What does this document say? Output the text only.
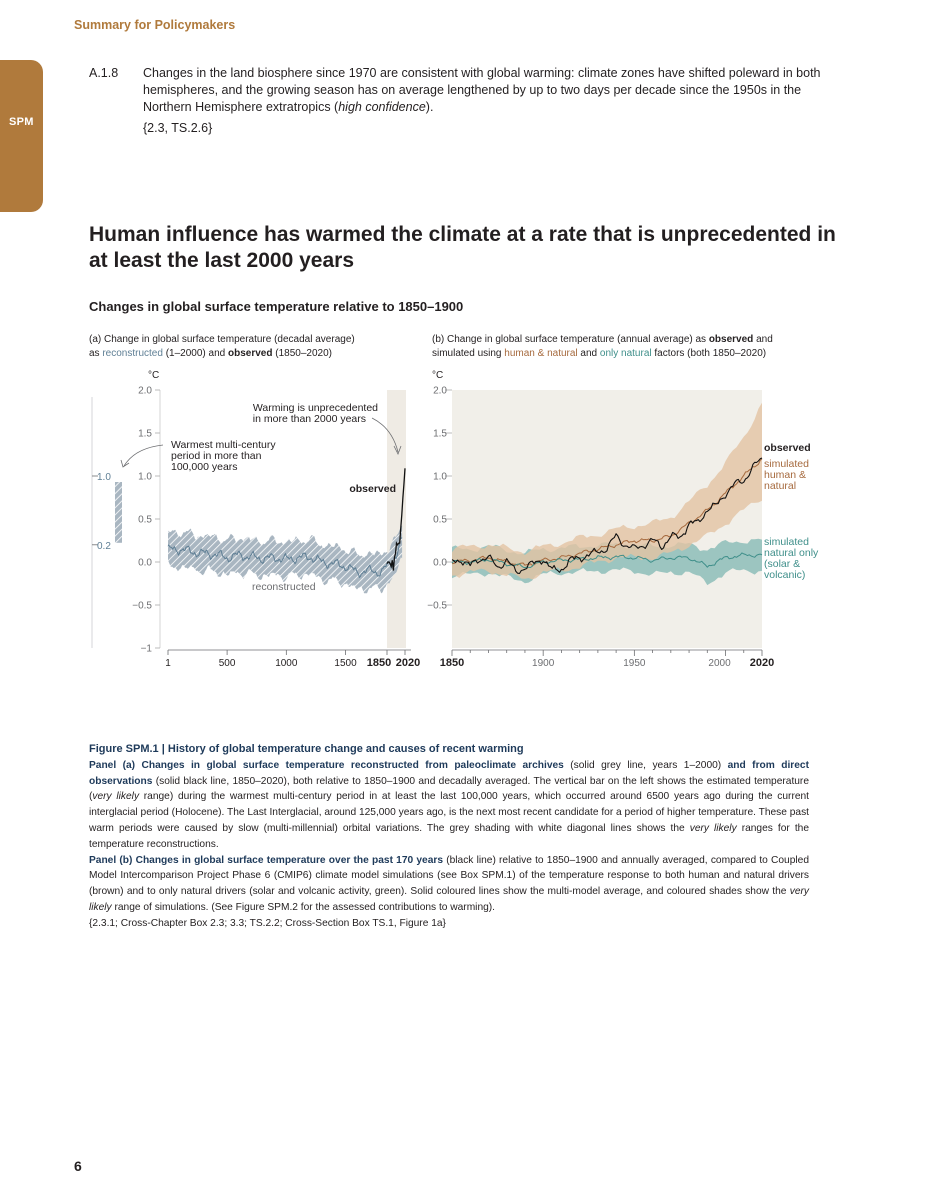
Summary for Policymakers
SPM
A.1.8 Changes in the land biosphere since 1970 are consistent with global warming: climate zones have shifted poleward in both hemispheres, and the growing season has on average lengthened by up to two days per decade since the 1950s in the Northern Hemisphere extratropics (high confidence).
{2.3, TS.2.6}
Human influence has warmed the climate at a rate that is unprecedented in at least the last 2000 years
Changes in global surface temperature relative to 1850–1900
(a) Change in global surface temperature (decadal average)
as reconstructed (1–2000) and observed (1850–2020)
(b) Change in global surface temperature (annual average) as observed and
simulated using human & natural and only natural factors (both 1850–2020)
°C
2.0
1.5
1.0
0.5
0.0
−0.5
−1
1	500	1000	1500 1850 2020
1.0
0.2
Warming is unprecedented
in more than 2000 years
Warmest multi-century
period in more than
100,000 years
observed
reconstructed
°C
2.0
1.5
1.0
0.5
0.0
−0.5
1850	1900	1950	2000 2020
observed
simulated
human &
natural
simulated
natural only
(solar &
volcanic)
Figure SPM.1 | History of global temperature change and causes of recent warming
Panel (a) Changes in global surface temperature reconstructed from paleoclimate archives (solid grey line, years 1–2000) and from direct observations (solid black line, 1850–2020), both relative to 1850–1900 and decadally averaged. The vertical bar on the left shows the estimated temperature (very likely range) during the warmest multi-century period in at least the last 100,000 years, which occurred around 6500 years ago during the current interglacial period (Holocene). The Last Interglacial, around 125,000 years ago, is the next most recent candidate for a period of higher temperature. These past warm periods were caused by slow (multi-millennial) orbital variations. The grey shading with white diagonal lines shows the very likely ranges for the temperature reconstructions.
Panel (b) Changes in global surface temperature over the past 170 years (black line) relative to 1850–1900 and annually averaged, compared to Coupled Model Intercomparison Project Phase 6 (CMIP6) climate model simulations (see Box SPM.1) of the temperature response to both human and natural drivers (brown) and to only natural drivers (solar and volcanic activity, green). Solid coloured lines show the multi-model average, and coloured shades show the very likely range of simulations. (See Figure SPM.2 for the assessed contributions to warming).
{2.3.1; Cross-Chapter Box 2.3; 3.3; TS.2.2; Cross-Section Box TS.1, Figure 1a}
6
